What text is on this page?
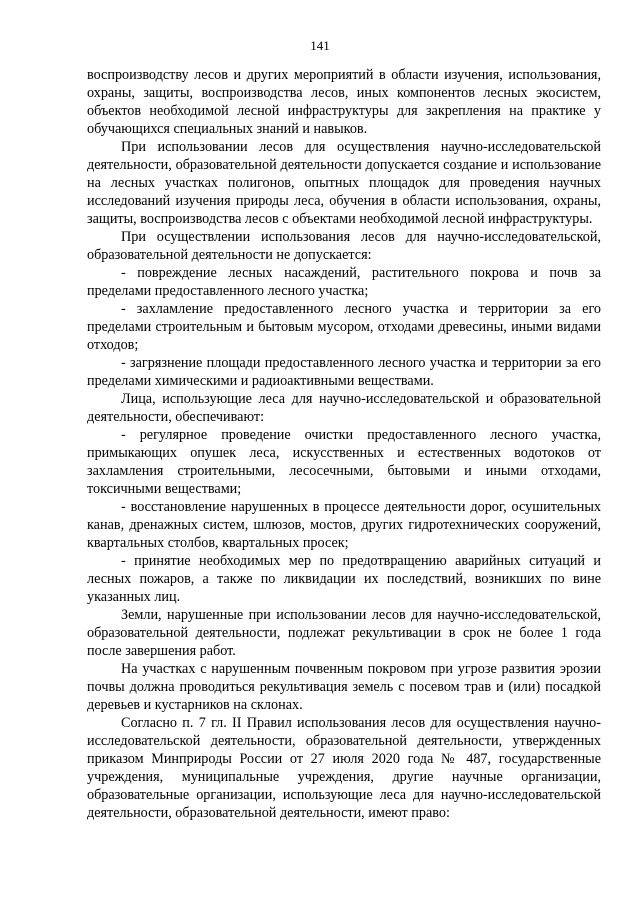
141

воспроизводству лесов и других мероприятий в области изучения, использования, охраны, защиты, воспроизводства лесов, иных компонентов лесных экосистем, объектов необходимой лесной инфраструктуры для закрепления на практике у обучающихся специальных знаний и навыков.

При использовании лесов для осуществления научно-исследовательской деятельности, образовательной деятельности допускается создание и использование на лесных участках полигонов, опытных площадок для проведения научных исследований изучения природы леса, обучения в области использования, охраны, защиты, воспроизводства лесов с объектами необходимой лесной инфраструктуры.

При осуществлении использования лесов для научно-исследовательской, образовательной деятельности не допускается:

- повреждение лесных насаждений, растительного покрова и почв за пределами предоставленного лесного участка;

- захламление предоставленного лесного участка и территории за его пределами строительным и бытовым мусором, отходами древесины, иными видами отходов;

- загрязнение площади предоставленного лесного участка и территории за его пределами химическими и радиоактивными веществами.

Лица, использующие леса для научно-исследовательской и образовательной деятельности, обеспечивают:

- регулярное проведение очистки предоставленного лесного участка, примыкающих опушек леса, искусственных и естественных водотоков от захламления строительными, лесосечными, бытовыми и иными отходами, токсичными веществами;

- восстановление нарушенных в процессе деятельности дорог, осушительных канав, дренажных систем, шлюзов, мостов, других гидротехнических сооружений, квартальных столбов, квартальных просек;

- принятие необходимых мер по предотвращению аварийных ситуаций и лесных пожаров, а также по ликвидации их последствий, возникших по вине указанных лиц.

Земли, нарушенные при использовании лесов для научно-исследовательской, образовательной деятельности, подлежат рекультивации в срок не более 1 года после завершения работ.

На участках с нарушенным почвенным покровом при угрозе развития эрозии почвы должна проводиться рекультивация земель с посевом трав и (или) посадкой деревьев и кустарников на склонах.

Согласно п. 7 гл. II Правил использования лесов для осуществления научно-исследовательской деятельности, образовательной деятельности, утвержденных приказом Минприроды России от 27 июля 2020 года № 487, государственные учреждения, муниципальные учреждения, другие научные организации, образовательные организации, использующие леса для научно-исследовательской деятельности, образовательной деятельности, имеют право:
